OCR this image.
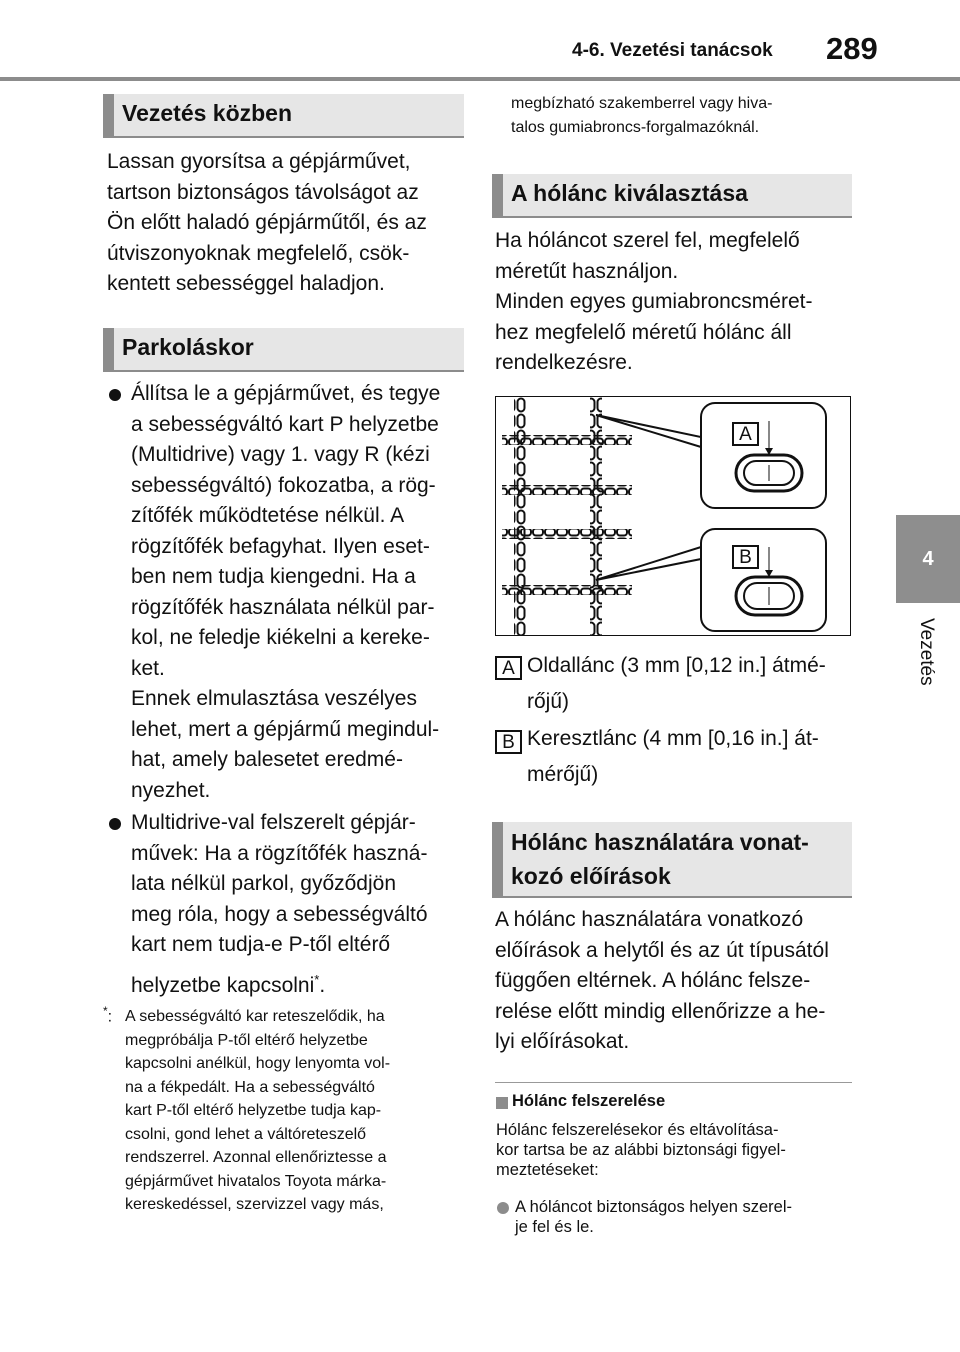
4-6. Vezetési tanácsok 289
4
Vezetés
Vezetés közben
Lassan gyorsítsa a gépjárművet,
tartson biztonságos távolságot az
Ön előtt haladó gépjárműtől, és az
útviszonyoknak megfelelő, csök-
kentett sebességgel haladjon.
Parkoláskor
Állítsa le a gépjárművet, és tegye
a sebességváltó kart P helyzetbe
(Multidrive) vagy 1. vagy R (kézi
sebességváltó) fokozatba, a rög-
zítőfék működtetése nélkül. A
rögzítőfék befagyhat. Ilyen eset-
ben nem tudja kiengedni. Ha a
rögzítőfék használata nélkül par-
kol, ne feledje kiékelni a kereke-
ket.
Ennek elmulasztása veszélyes
lehet, mert a gépjármű megindul-
hat, amely balesetet eredmé-
nyezhet.
Multidrive-val felszerelt gépjár-
művek: Ha a rögzítőfék haszná-
lata nélkül parkol, győződjön
meg róla, hogy a sebességváltó
kart nem tudja-e P-től eltérő
helyzetbe kapcsolni*.
*: A sebességváltó kar reteszelődik, ha
megpróbálja P-től eltérő helyzetbe
kapcsolni anélkül, hogy lenyomta vol-
na a fékpedált. Ha a sebességváltó
kart P-től eltérő helyzetbe tudja kap-
csolni, gond lehet a váltóreteszelő
rendszerrel. Azonnal ellenőriztesse a
gépjárművet hivatalos Toyota márka-
kereskedéssel, szervizzel vagy más,
megbízható szakemberrel vagy hiva-
talos gumiabroncs-forgalmazóknál.
A hólánc kiválasztása
Ha hóláncot szerel fel, megfelelő
méretűt használjon.
Minden egyes gumiabroncsméret-
hez megfelelő méretű hólánc áll
rendelkezésre.
A
B
A Oldallánc (3 mm [0,12 in.] átmé-
rőjű)
B Keresztlánc (4 mm [0,16 in.] át-
mérőjű)
Hólánc használatára vonat-
kozó előírások
A hólánc használatára vonatkozó
előírások a helytől és az út típusától
függően eltérnek. A hólánc felsze-
relése előtt mindig ellenőrizze a he-
lyi előírásokat.
Hólánc felszerelése
Hólánc felszerelésekor és eltávolítása-
kor tartsa be az alábbi biztonsági figyel-
meztetéseket:
A hóláncot biztonságos helyen szerel-
je fel és le.
